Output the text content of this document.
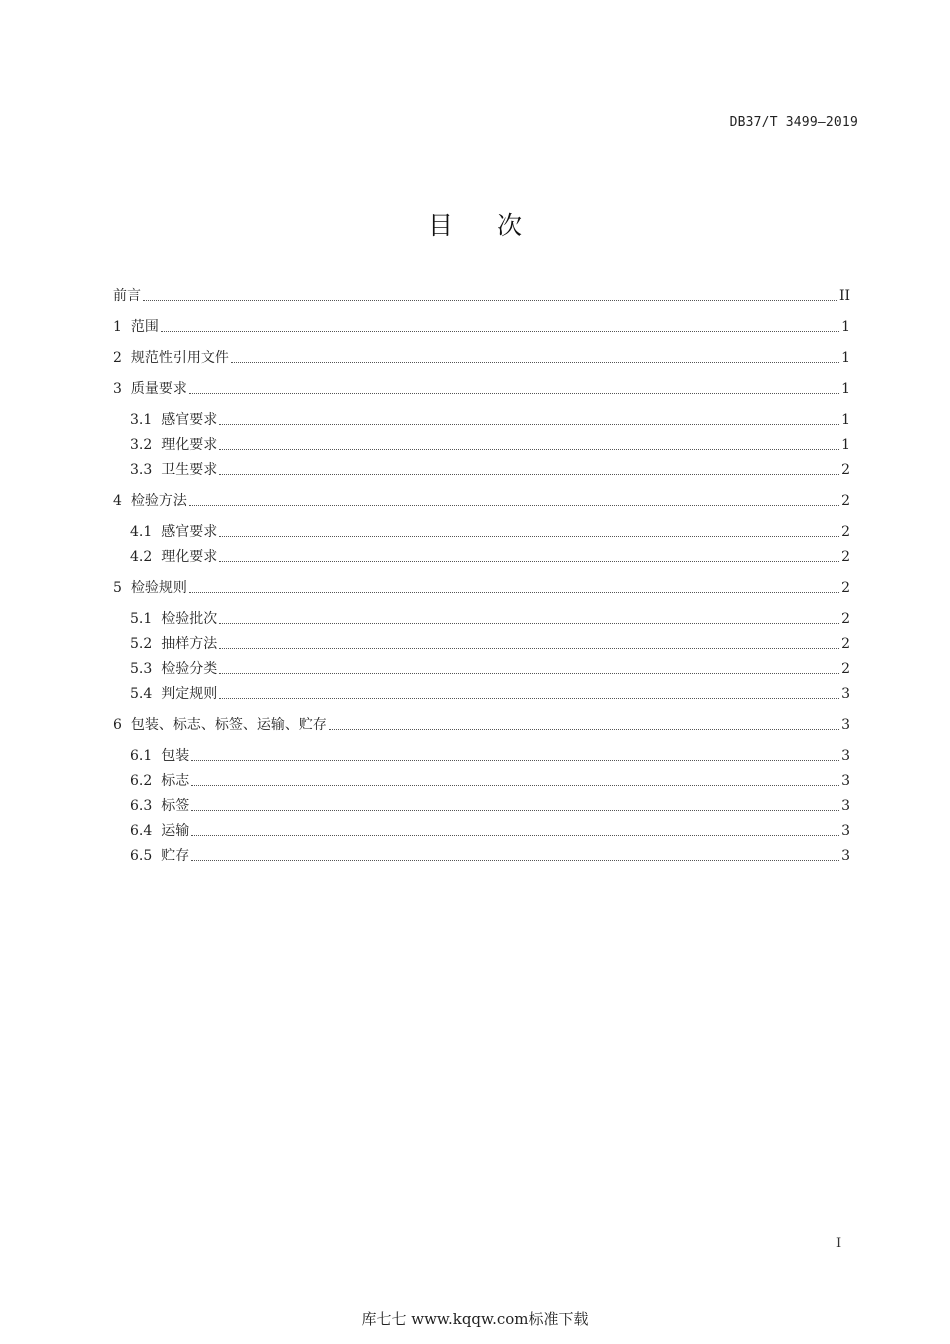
DB37/T 3499—2019
目 次
前言	II
1 范围	1
2 规范性引用文件	1
3 质量要求	1
3.1 感官要求	1
3.2 理化要求	1
3.3 卫生要求	2
4 检验方法	2
4.1 感官要求	2
4.2 理化要求	2
5 检验规则	2
5.1 检验批次	2
5.2 抽样方法	2
5.3 检验分类	2
5.4 判定规则	3
6 包装、标志、标签、运输、贮存	3
6.1 包装	3
6.2 标志	3
6.3 标签	3
6.4 运输	3
6.5 贮存	3
I
库七七 www.kqqw.com标准下载
